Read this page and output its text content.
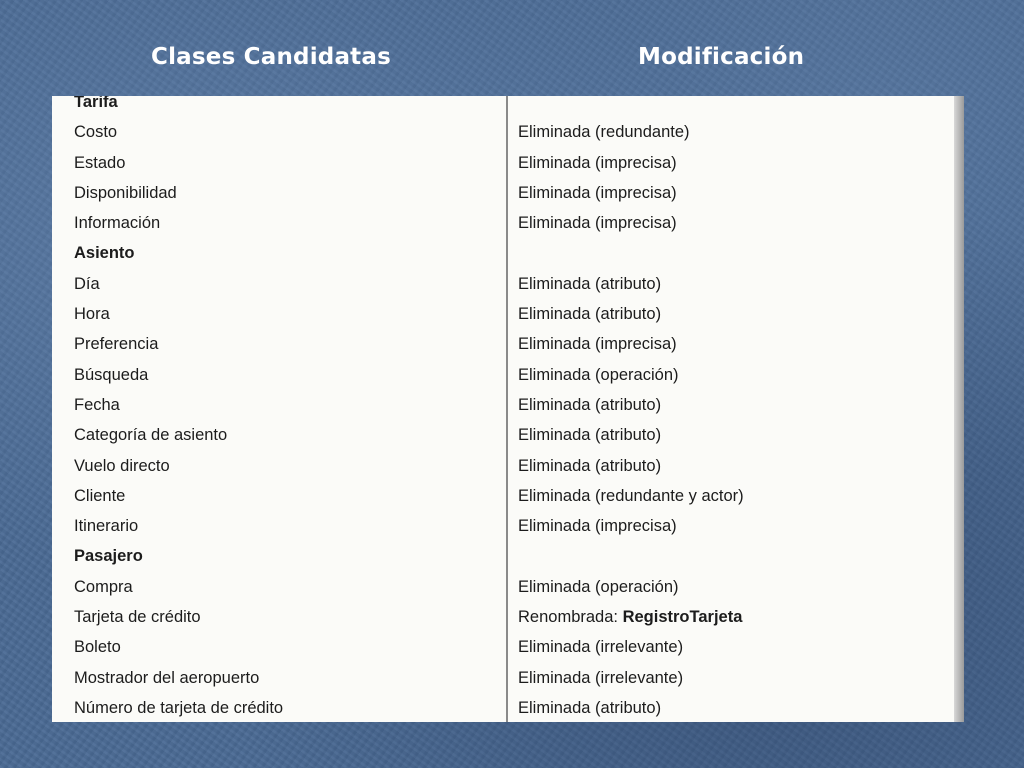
Clases Candidatas	Modificación
Tarifa
Costo	Eliminada (redundante)
Estado	Eliminada (imprecisa)
Disponibilidad	Eliminada (imprecisa)
Información	Eliminada (imprecisa)
Asiento
Día	Eliminada (atributo)
Hora	Eliminada (atributo)
Preferencia	Eliminada (imprecisa)
Búsqueda	Eliminada (operación)
Fecha	Eliminada (atributo)
Categoría de asiento	Eliminada (atributo)
Vuelo directo	Eliminada (atributo)
Cliente	Eliminada (redundante y actor)
Itinerario	Eliminada (imprecisa)
Pasajero
Compra	Eliminada (operación)
Tarjeta de crédito	Renombrada: RegistroTarjeta
Boleto	Eliminada (irrelevante)
Mostrador del aeropuerto	Eliminada (irrelevante)
Número de tarjeta de crédito	Eliminada (atributo)
